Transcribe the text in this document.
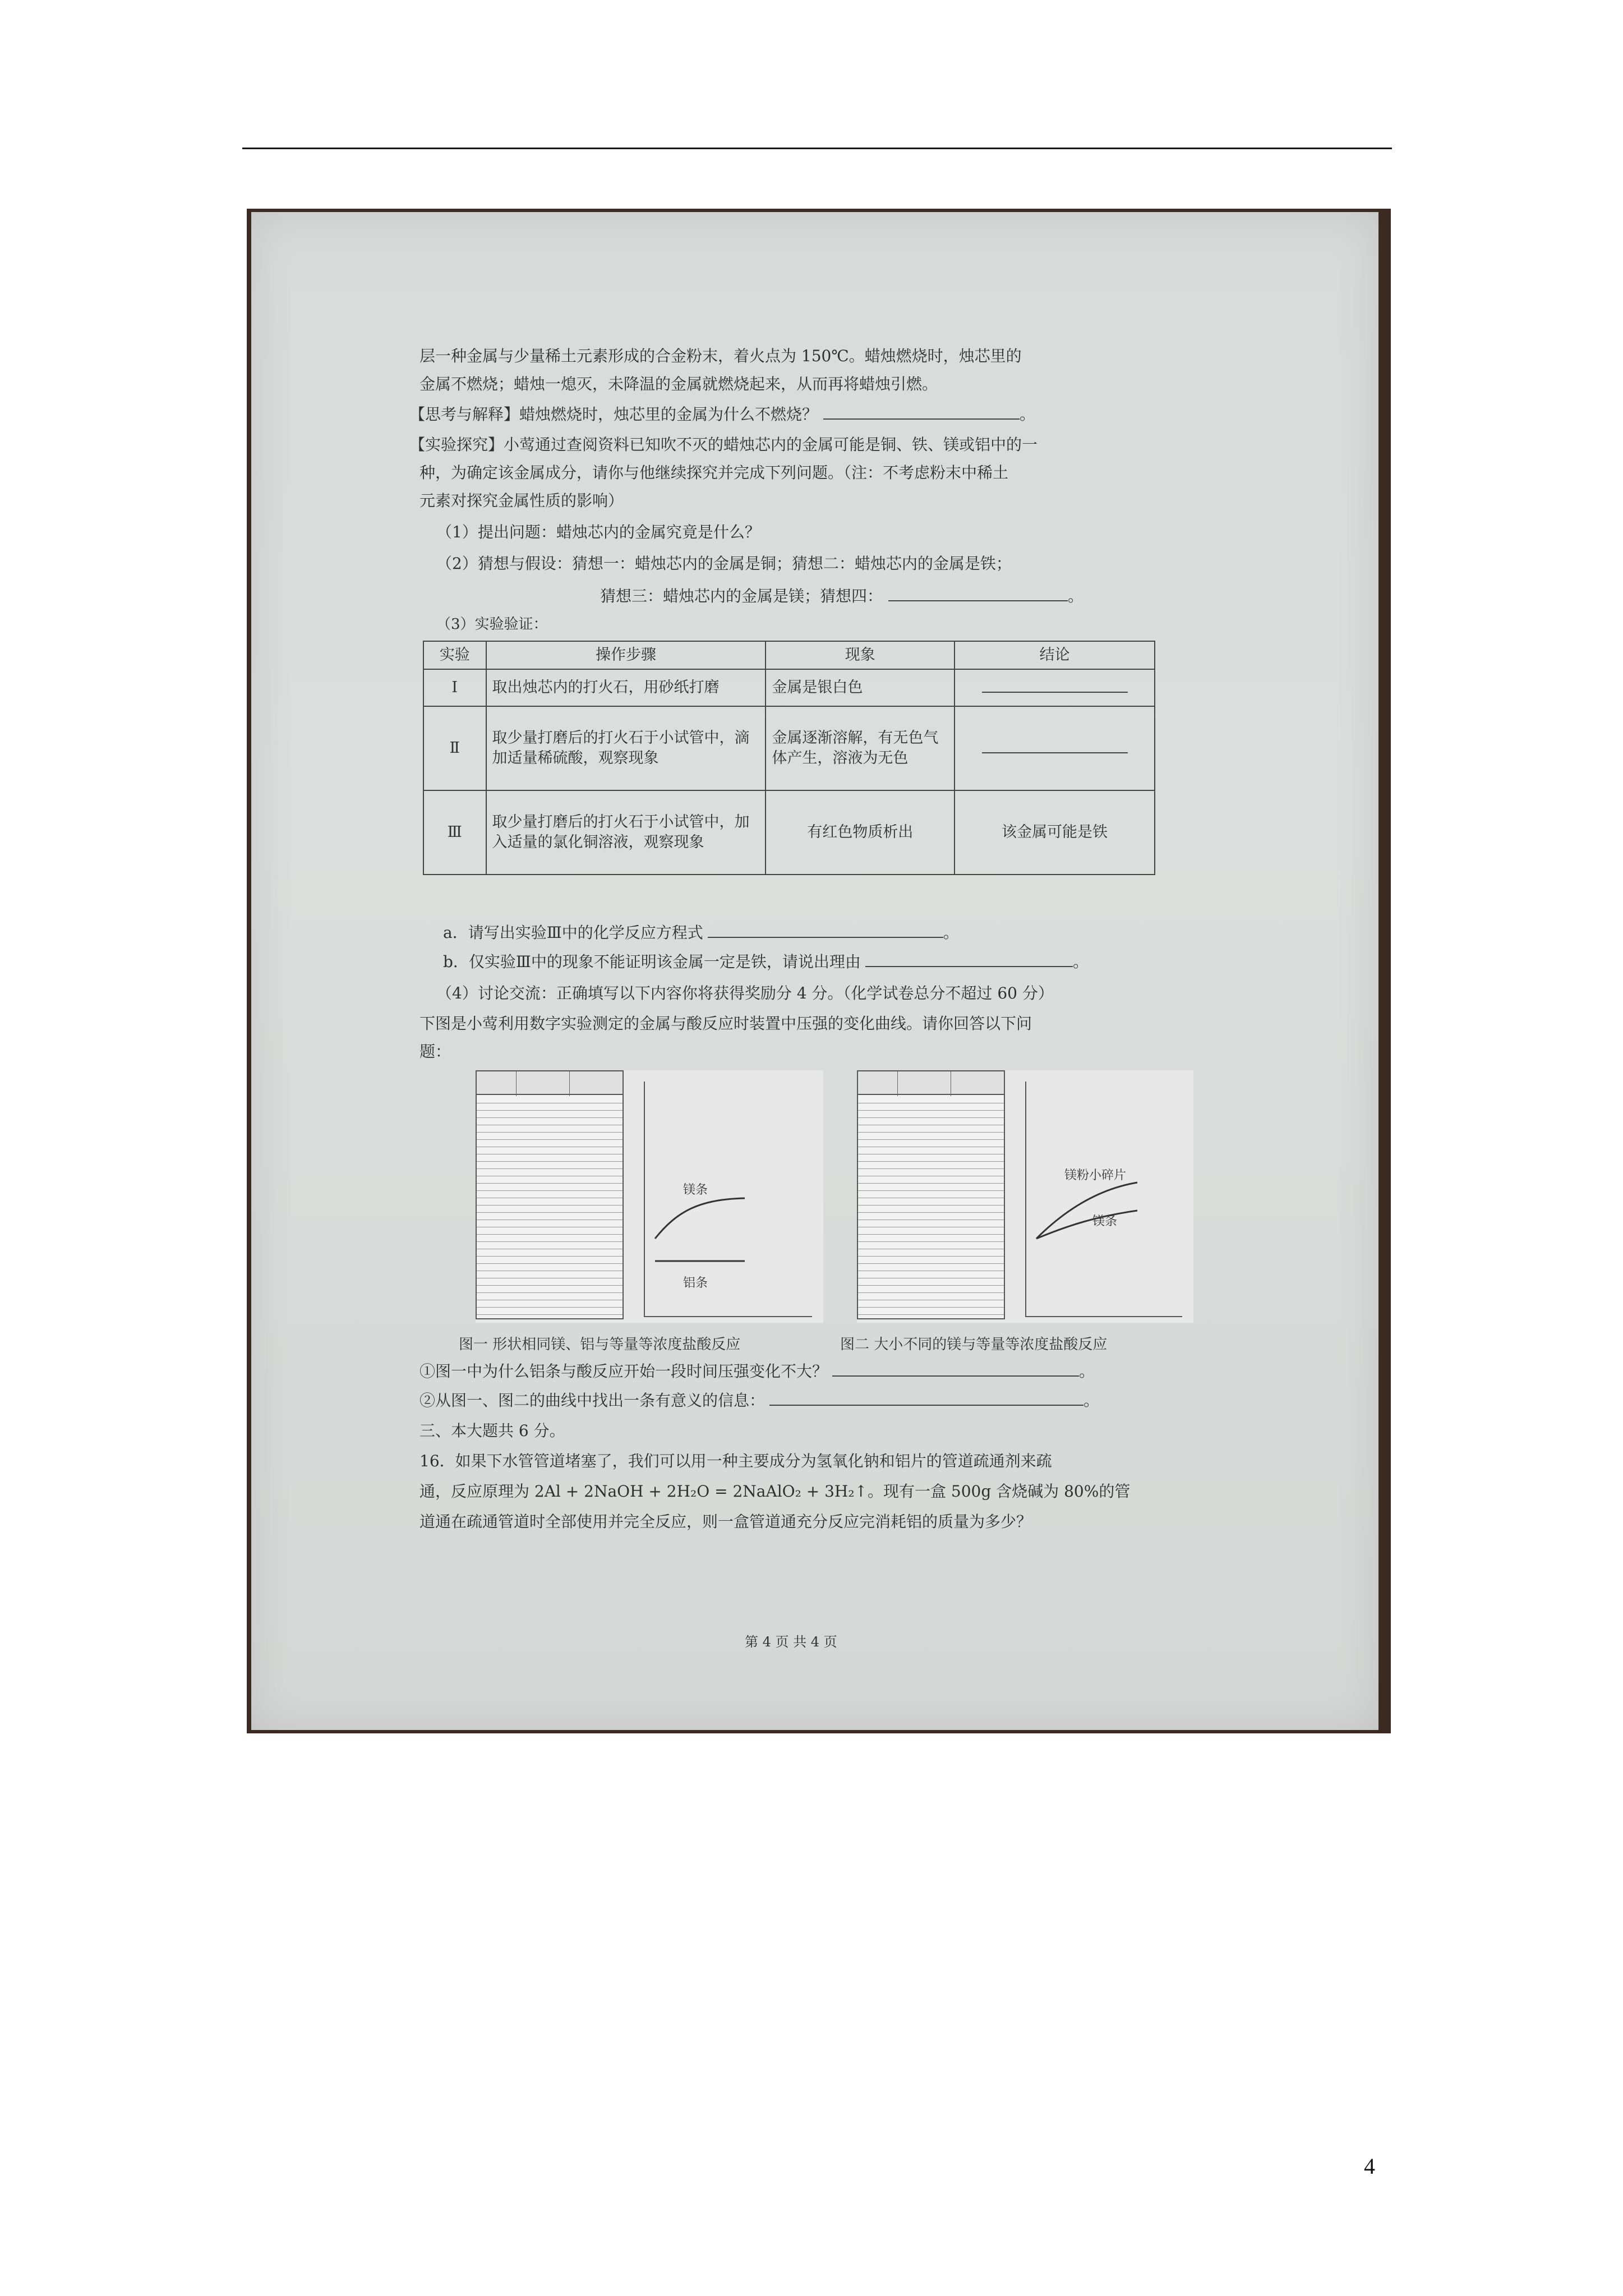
层一种金属与少量稀土元素形成的合金粉末，着火点为 150℃。蜡烛燃烧时，烛芯里的
金属不燃烧；蜡烛一熄灭，未降温的金属就燃烧起来，从而再将蜡烛引燃。
【思考与解释】蜡烛燃烧时，烛芯里的金属为什么不燃烧？	。
【实验探究】小莺通过查阅资料已知吹不灭的蜡烛芯内的金属可能是铜、铁、镁或铝中的一
种，为确定该金属成分，请你与他继续探究并完成下列问题。（注：不考虑粉末中稀土
元素对探究金属性质的影响）
（1）提出问题：蜡烛芯内的金属究竟是什么？
（2）猜想与假设：猜想一：蜡烛芯内的金属是铜；猜想二：蜡烛芯内的金属是铁；
猜想三：蜡烛芯内的金属是镁；猜想四：	。
（3）实验验证：
实验	操作步骤	现象	结论
Ⅰ	取出烛芯内的打火石，用砂纸打磨	金属是银白色	
Ⅱ	取少量打磨后的打火石于小试管中，滴加适量稀硫酸，观察现象	金属逐渐溶解，有无色气体产生，溶液为无色	
Ⅲ	取少量打磨后的打火石于小试管中，加入适量的氯化铜溶液，观察现象	有红色物质析出	该金属可能是铁
a．请写出实验Ⅲ中的化学反应方程式	。
b．仅实验Ⅲ中的现象不能证明该金属一定是铁，请说出理由	。
（4）讨论交流：正确填写以下内容你将获得奖励分 4 分。（化学试卷总分不超过 60 分）
下图是小莺利用数字实验测定的金属与酸反应时装置中压强的变化曲线。请你回答以下问
题：
镁条
铝条
图一 形状相同镁、铝与等量等浓度盐酸反应
镁粉小碎片
镁条
图二 大小不同的镁与等量等浓度盐酸反应
①图一中为什么铝条与酸反应开始一段时间压强变化不大？	。
②从图一、图二的曲线中找出一条有意义的信息：	。
三、本大题共 6 分。
16．如果下水管管道堵塞了，我们可以用一种主要成分为氢氧化钠和铝片的管道疏通剂来疏
通，反应原理为 2Al + 2NaOH + 2H₂O = 2NaAlO₂ + 3H₂↑。现有一盒 500g 含烧碱为 80%的管
道通在疏通管道时全部使用并完全反应，则一盒管道通充分反应完消耗铝的质量为多少？
第 4 页 共 4 页
4
